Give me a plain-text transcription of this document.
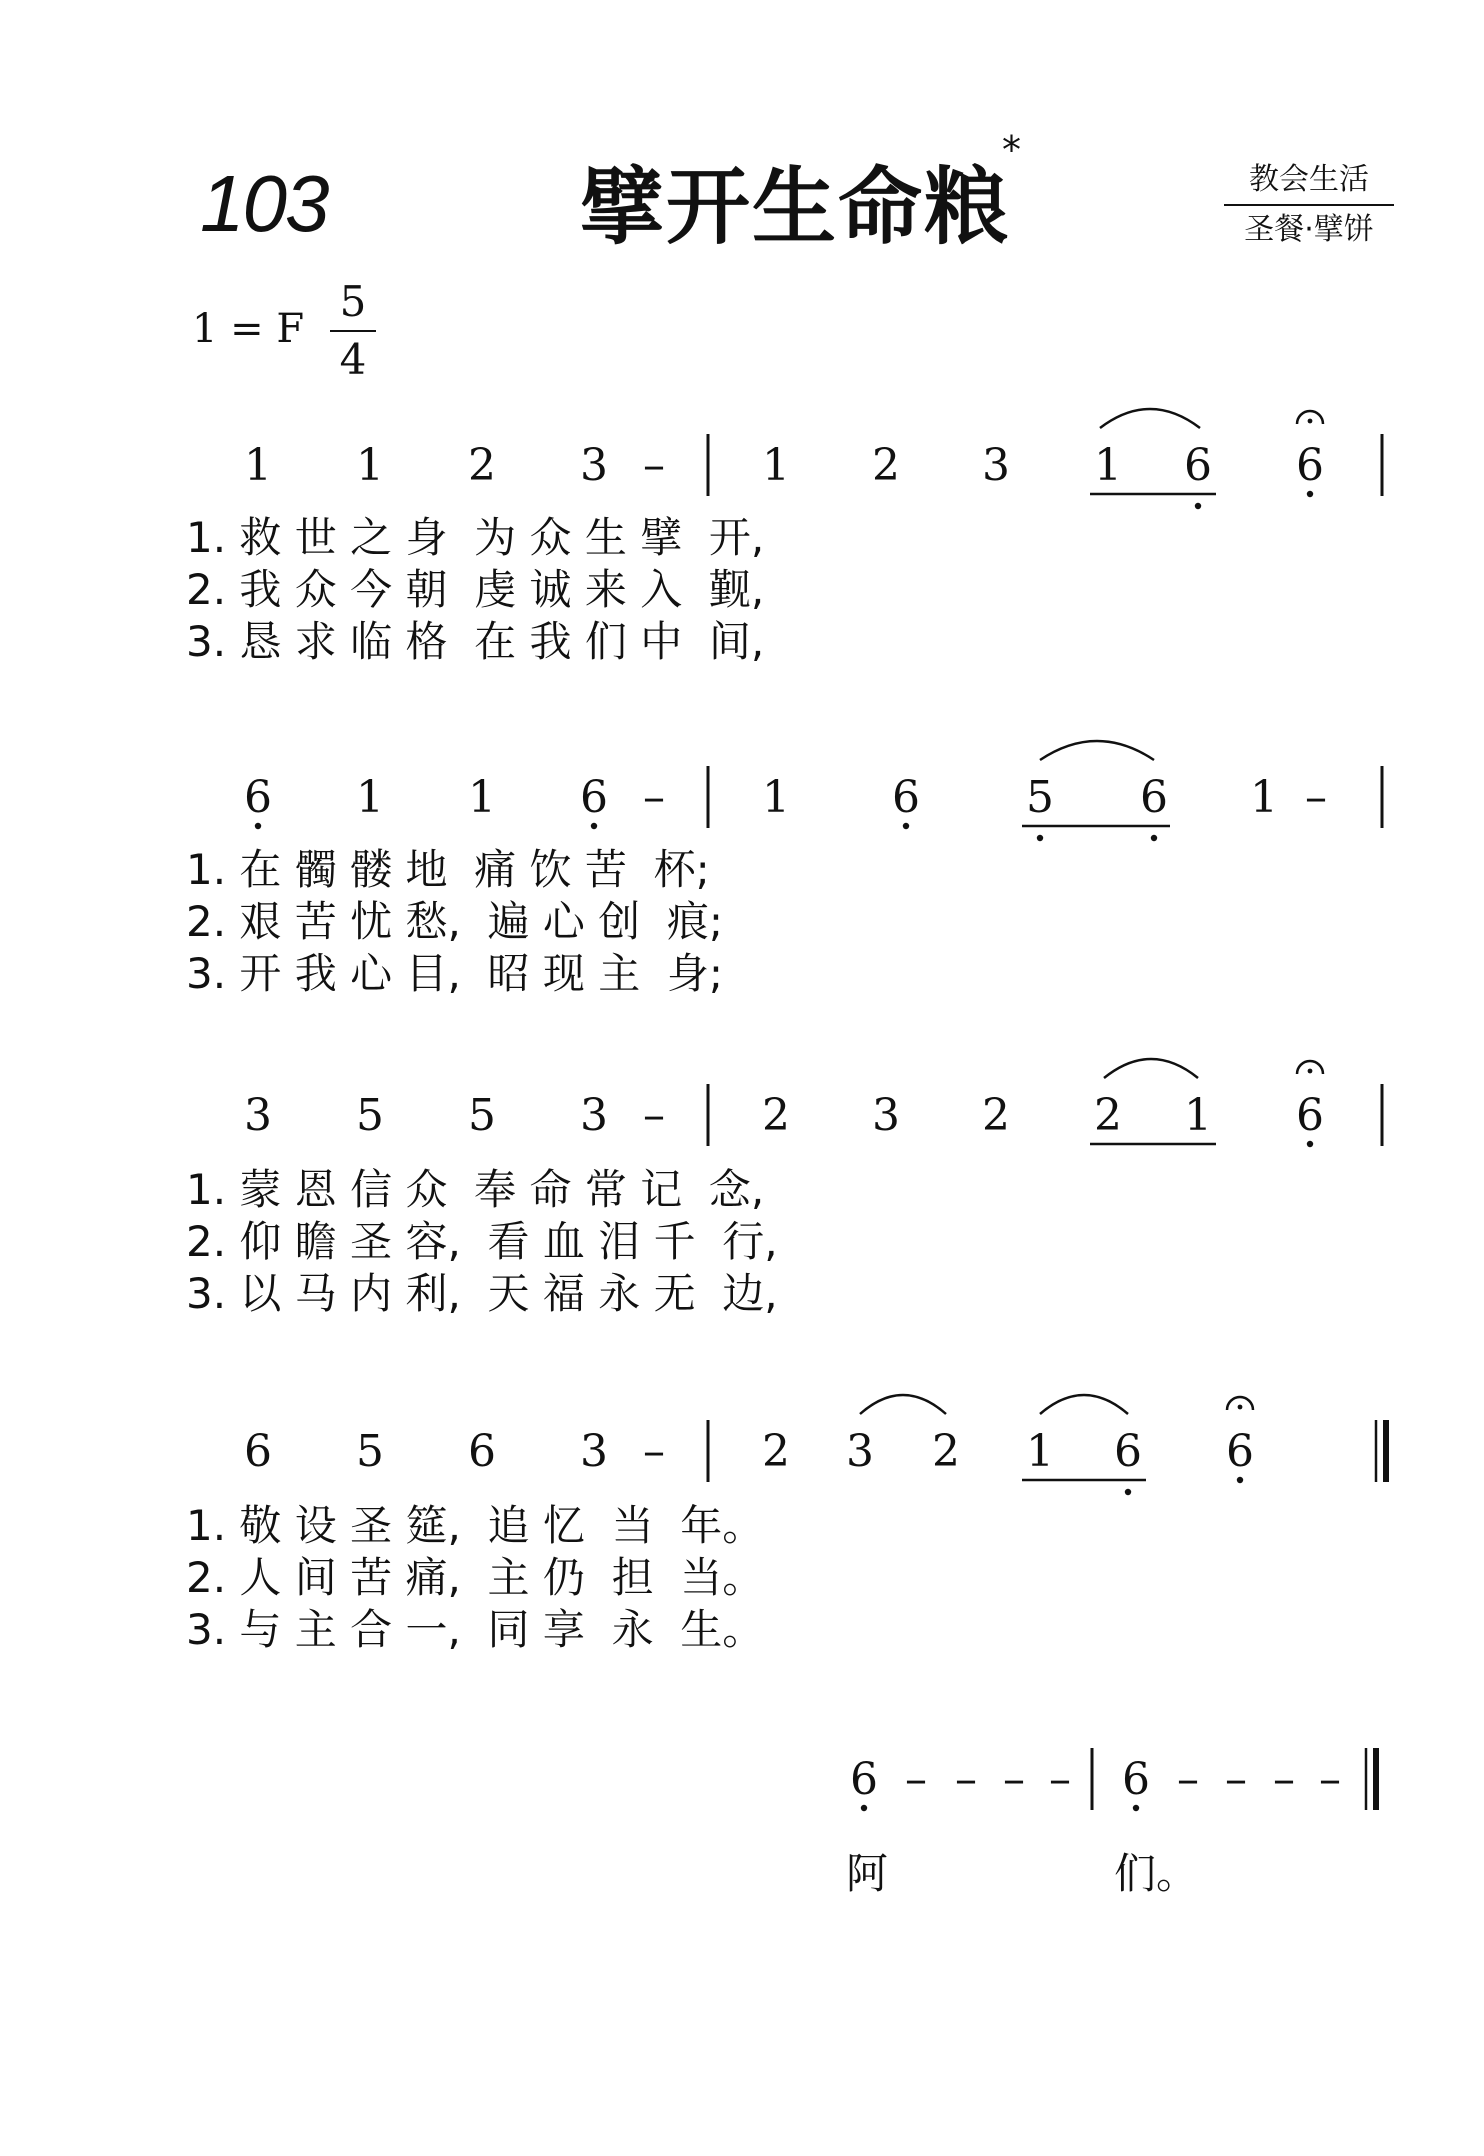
103	擘开生命粮
*
教会生活
圣餐·擘饼
1 = F
5
4
1 1 2 3 – 1 2 3 1 6 6
6 1 1 6 – 1 6 5 6 1 –
3 5 5 3 – 2 3 2 2 1 6
6 5 6 3 – 2 3 2 1 6 6
6 – – – – 6 – – – –
1. 救 世 之 身  为 众 生 擘  开,
2. 我 众 今 朝  虔 诚 来 入  觐,
3. 恳 求 临 格  在 我 们 中  间,
1. 在 髑 髅 地  痛 饮 苦  杯;
2. 艰 苦 忧 愁,  遍 心 创  痕;
3. 开 我 心 目,  昭 现 主  身;
1. 蒙 恩 信 众  奉 命 常 记  念,
2. 仰 瞻 圣 容,  看 血 泪 千  行,
3. 以 马 内 利,  天 福 永 无  边,
1. 敬 设 圣 筵,  追 忆  当  年。
2. 人 间 苦 痛,  主 仍  担  当。
3. 与 主 合 一,  同 享  永  生。
阿	们。
